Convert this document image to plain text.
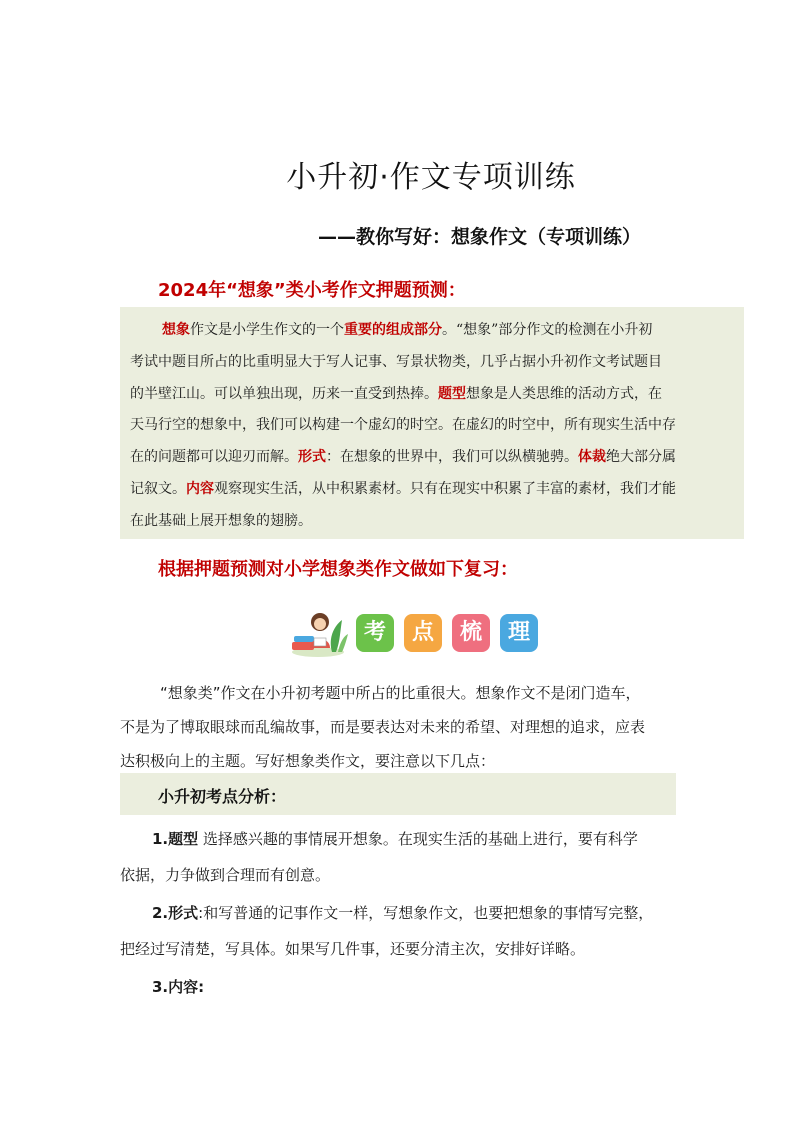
小升初·作文专项训练
——教你写好：想象作文（专项训练）
2024年“想象”类小考作文押题预测：
想象作文是小学生作文的一个重要的组成部分。“想象”部分作文的检测在小升初
考试中题目所占的比重明显大于写人记事、写景状物类，几乎占据小升初作文考试题目
的半壁江山。可以单独出现，历来一直受到热捧。题型想象是人类思维的活动方式，在
天马行空的想象中，我们可以构建一个虚幻的时空。在虚幻的时空中，所有现实生活中存
在的问题都可以迎刃而解。形式：在想象的世界中，我们可以纵横驰骋。体裁绝大部分属
记叙文。内容观察现实生活，从中积累素材。只有在现实中积累了丰富的素材，我们才能
在此基础上展开想象的翅膀。
根据押题预测对小学想象类作文做如下复习：
考	点	梳	理
“想象类”作文在小升初考题中所占的比重很大。想象作文不是闭门造车，
不是为了博取眼球而乱编故事，而是要表达对未来的希望、对理想的追求，应表
达积极向上的主题。写好想象类作文，要注意以下几点：
小升初考点分析：
1.题型 选择感兴趣的事情展开想象。在现实生活的基础上进行，要有科学
依据，力争做到合理而有创意。
2.形式:和写普通的记事作文一样，写想象作文，也要把想象的事情写完整，
把经过写清楚，写具体。如果写几件事，还要分清主次，安排好详略。
3.内容:
